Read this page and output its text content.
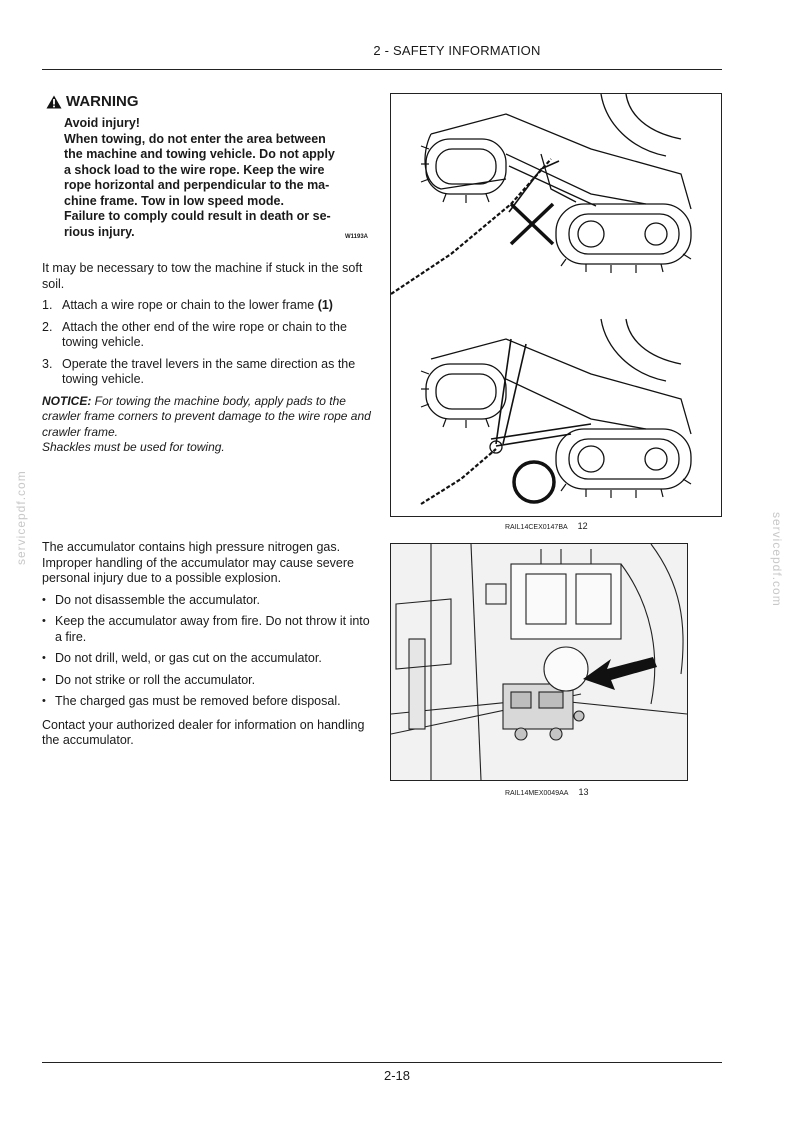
2 - SAFETY INFORMATION
servicepdf.com	servicepdf.com
WARNING
Avoid injury!
When towing, do not enter the area between
the machine and towing vehicle. Do not apply
a shock load to the wire rope. Keep the wire
rope horizontal and perpendicular to the ma-
chine frame. Tow in low speed mode.
Failure to comply could result in death or se-
rious injury.	W1193A

It may be necessary to tow the machine if stuck in the soft soil.

1. Attach a wire rope or chain to the lower frame (1)
2. Attach the other end of the wire rope or chain to the towing vehicle.
3. Operate the travel levers in the same direction as the towing vehicle.
NOTICE: For towing the machine body, apply pads to the crawler frame corners to prevent damage to the wire rope and crawler frame.
Shackles must be used for towing.
RAIL14CEX0147BA 12

The accumulator contains high pressure nitrogen gas. Improper handling of the accumulator may cause severe personal injury due to a possible explosion.

• Do not disassemble the accumulator.
• Keep the accumulator away from fire. Do not throw it into a fire.
• Do not drill, weld, or gas cut on the accumulator.
• Do not strike or roll the accumulator.
• The charged gas must be removed before disposal.

Contact your authorized dealer for information on handling the accumulator.

RAIL14MEX0049AA 13
2-18
